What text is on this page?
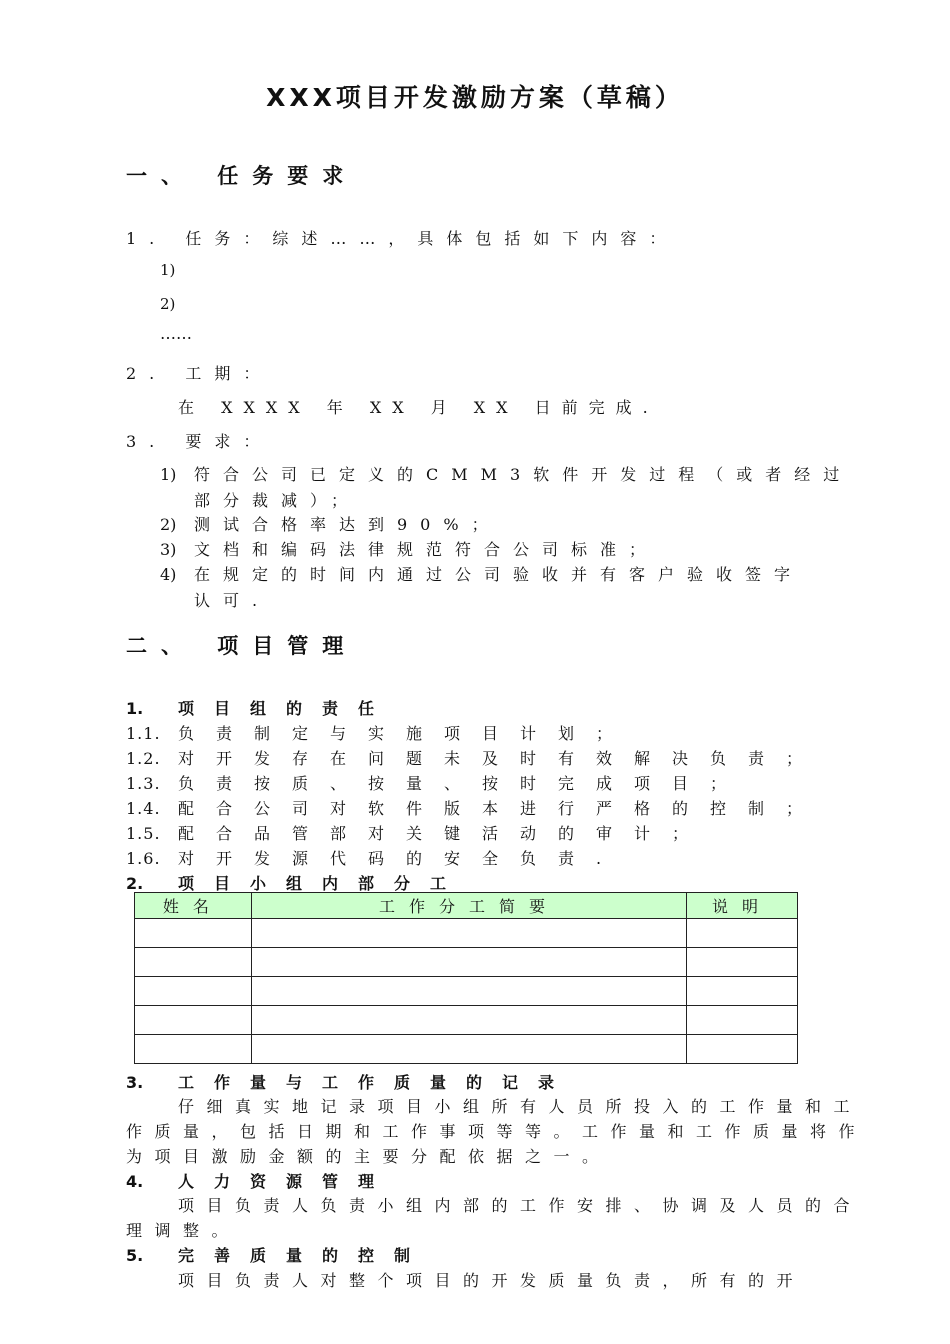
XXX项目开发激励方案（草稿）
一、 任务要求
1. 任务：综述……，具体包括如下内容：
1)
2)
……
2. 工期：
在 XXXX 年 XX 月 XX 日前完成.
3. 要求：
1) 符合公司已定义的CMM3软件开发过程（或者经过
部分裁减）；
2) 测试合格率达到90%；
3) 文档和编码法律规范符合公司标准；
4) 在规定的时间内通过公司验收并有客户验收签字
认可.
二、 项目管理
1. 项目组的责任
1.1. 负责制定与实施项目计划；
1.2. 对开发存在问题未及时有效解决负责；
1.3. 负责按质、按量、按时完成项目；
1.4. 配合公司对软件版本进行严格的控制；
1.5. 配合品管部对关键活动的审计；
1.6. 对开发源代码的安全负责.
2. 项目小组内部分工
姓名	工作分工简要	说明

3. 工作量与工作质量的记录
仔细真实地记录项目小组所有人员所投入的工作量和工作质量，包括日期和工作事项等等。工作量和工作质量将作为项目激励金额的主要分配依据之一。
4. 人力资源管理
项目负责人负责小组内部的工作安排、协调及人员的合理调整。
5. 完善质量的控制
项目负责人对整个项目的开发质量负责，所有的开
